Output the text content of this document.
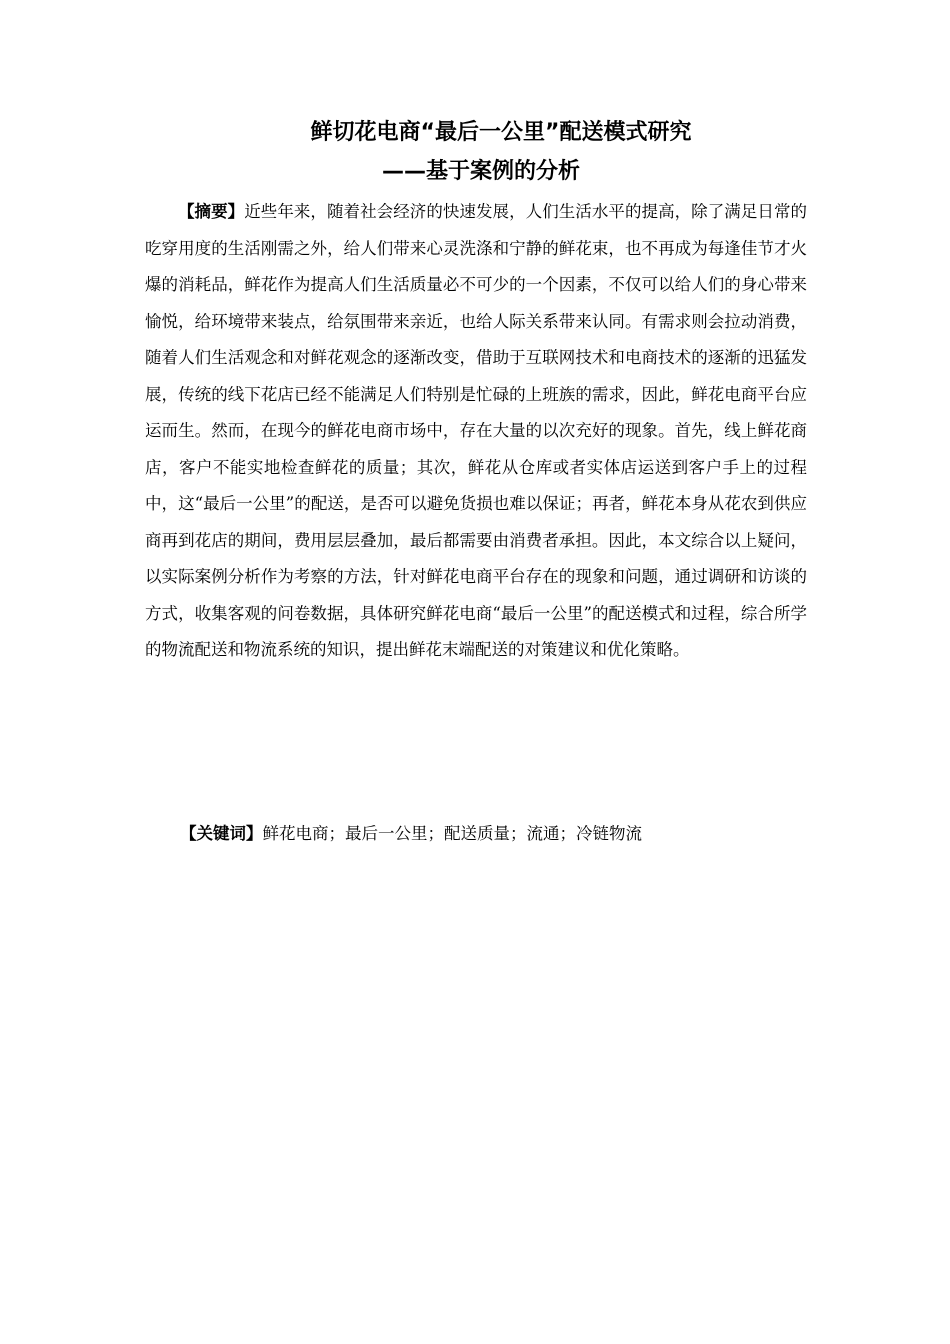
鲜切花电商“最后一公里”配送模式研究
——基于案例的分析

【摘要】近些年来，随着社会经济的快速发展，人们生活水平的提高，除了满足日常的吃穿用度的生活刚需之外，给人们带来心灵洗涤和宁静的鲜花束，也不再成为每逢佳节才火爆的消耗品，鲜花作为提高人们生活质量必不可少的一个因素，不仅可以给人们的身心带来愉悦，给环境带来装点，给氛围带来亲近，也给人际关系带来认同。有需求则会拉动消费，随着人们生活观念和对鲜花观念的逐渐改变，借助于互联网技术和电商技术的逐渐的迅猛发展，传统的线下花店已经不能满足人们特别是忙碌的上班族的需求，因此，鲜花电商平台应运而生。然而，在现今的鲜花电商市场中，存在大量的以次充好的现象。首先，线上鲜花商店，客户不能实地检查鲜花的质量；其次，鲜花从仓库或者实体店运送到客户手上的过程中，这“最后一公里”的配送，是否可以避免货损也难以保证；再者，鲜花本身从花农到供应商再到花店的期间，费用层层叠加，最后都需要由消费者承担。因此，本文综合以上疑问，以实际案例分析作为考察的方法，针对鲜花电商平台存在的现象和问题，通过调研和访谈的方式，收集客观的问卷数据，具体研究鲜花电商“最后一公里”的配送模式和过程，综合所学的物流配送和物流系统的知识，提出鲜花末端配送的对策建议和优化策略。

【关键词】鲜花电商；最后一公里；配送质量；流通；冷链物流
